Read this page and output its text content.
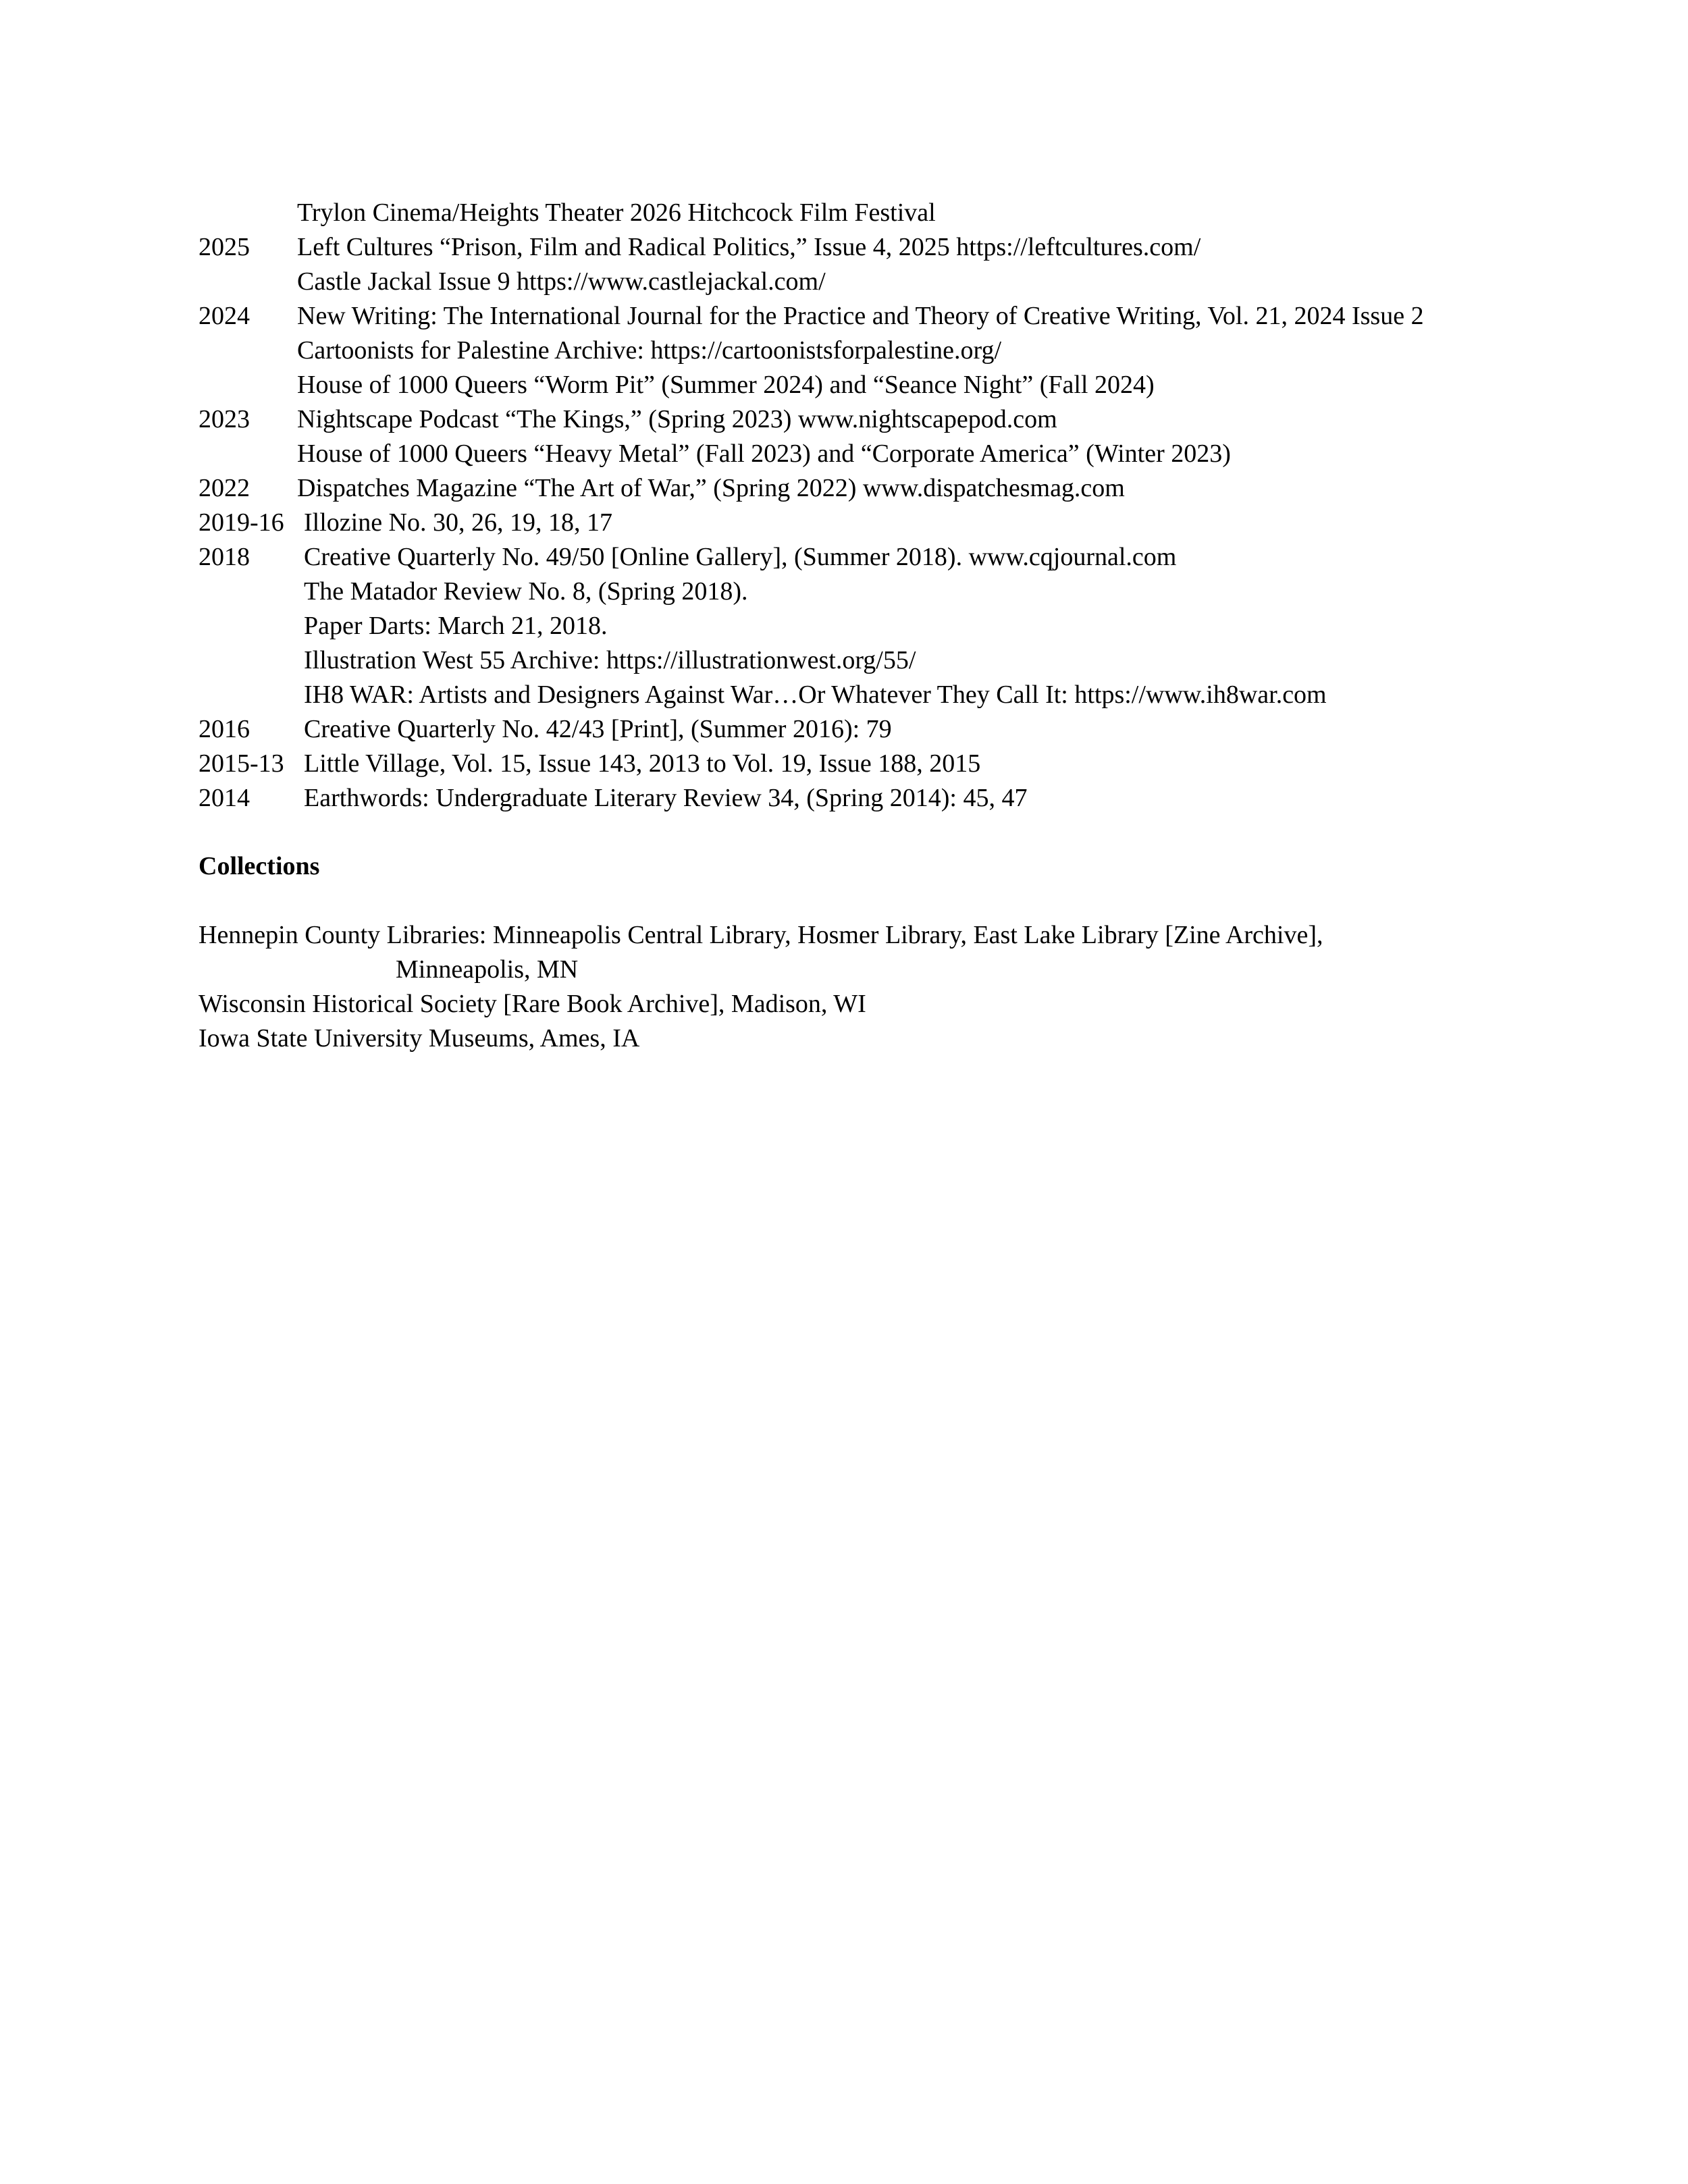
Trylon Cinema/Heights Theater 2026 Hitchcock Film Festival
2025 Left Cultures “Prison, Film and Radical Politics,” Issue 4, 2025 https://leftcultures.com/
Castle Jackal Issue 9 https://www.castlejackal.com/
2024 New Writing: The International Journal for the Practice and Theory of Creative Writing, Vol. 21, 2024 Issue 2
Cartoonists for Palestine Archive: https://cartoonistsforpalestine.org/
House of 1000 Queers “Worm Pit” (Summer 2024) and “Seance Night” (Fall 2024)
2023 Nightscape Podcast “The Kings,” (Spring 2023) www.nightscapepod.com
House of 1000 Queers “Heavy Metal” (Fall 2023) and “Corporate America” (Winter 2023)
2022 Dispatches Magazine “The Art of War,” (Spring 2022) www.dispatchesmag.com
2019-16 Illozine No. 30, 26, 19, 18, 17
2018 Creative Quarterly No. 49/50 [Online Gallery], (Summer 2018). www.cqjournal.com
The Matador Review No. 8, (Spring 2018).
Paper Darts: March 21, 2018.
Illustration West 55 Archive: https://illustrationwest.org/55/
IH8 WAR: Artists and Designers Against War…Or Whatever They Call It: https://www.ih8war.com
2016 Creative Quarterly No. 42/43 [Print], (Summer 2016): 79
2015-13 Little Village, Vol. 15, Issue 143, 2013 to Vol. 19, Issue 188, 2015
2014 Earthwords: Undergraduate Literary Review 34, (Spring 2014): 45, 47
Collections
Hennepin County Libraries: Minneapolis Central Library, Hosmer Library, East Lake Library [Zine Archive],
Minneapolis, MN
Wisconsin Historical Society [Rare Book Archive], Madison, WI
Iowa State University Museums, Ames, IA
